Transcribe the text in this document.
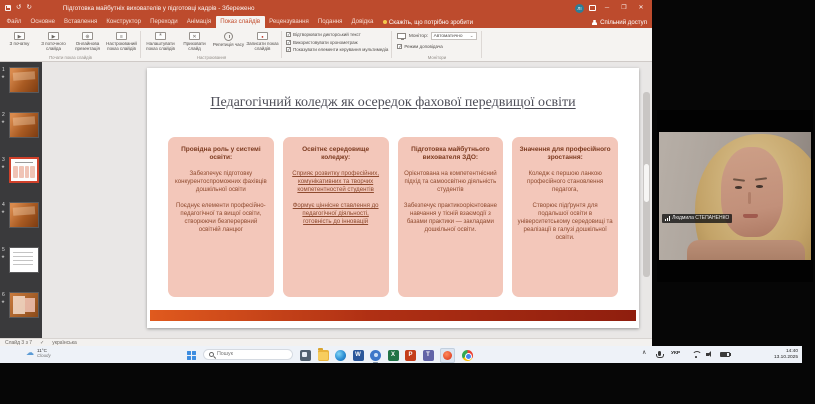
↺ ↻	Підготовка майбутніх вихователів у підготовці кадрів - Збережено	ЛІ	─	❐	✕
Файл	Основне	Вставлення	Конструктор	Переходи	Анімація	Показ слайдів	Рецензування	Подання	Довідка	Скажіть, що потрібно зробити	Спільний доступ
▶
З початку
▶	З поточного слайда
⊕
Онлайнова презентація
≡
Настроюваний показ слайдів
Почати показ слайдів
*
Налаштувати показ слайдів
✕
Приховати слайд
Репетиція часу
● Записати показ слайдів
Настроювання
✓
Відтворювати дикторський текст
✓
Використовувати хронометраж
✓
Показувати елементи керування мультимедіа
Монітор: Автоматично ⌄
✓
Режим доповідача
Монітори
1
★
2
★
3
★
4
★
5
★
6
★
Педагогічний коледж як осередок фахової передвищої освіти
Провідна роль у системі освіти:

Забезпечує підготовку конкурентоспроможних фахівців дошкільної освіти

Поєднує елементи професійно-педагогічної та вищої освіти, створюючи безперервний освітній ланцюг

Освітнє середовище коледжу:

Сприяє розвитку професійних, комунікативних та творчих компетентностей студентів

Формує ціннісне ставлення до педагогічної діяльності, готовність до інновацій

Підготовка майбутнього вихователя ЗДО:

Орієнтована на компетентнісний підхід та самоосвітню діяльність студентів

Забезпечує практикоорієнтоване навчання у тісній взаємодії з базами практики — закладами дошкільної освіти.

Значення для професійного зростання:

Коледж є першою ланкою професійного становлення педагога,

Створює підґрунтя для подальшої освіти в університетському середовищі та реалізації в галузі дошкільної освіти.

Слайд 3 з 7 ✓ українська
☁ 11°C
Cloudy
Пошук	W	X P T	∧	УКР	14:40
13.10.2025
Людмила СТЕПАНЕНКО
